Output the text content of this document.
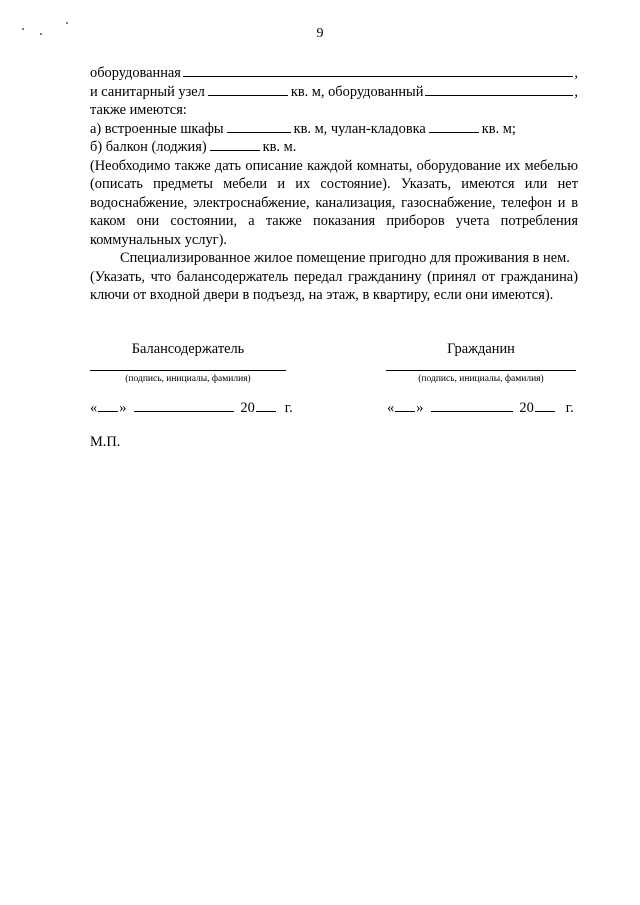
9
оборудованная	,
и санитарный узел	кв. м, оборудованный	,
также имеются:
а) встроенные шкафы	кв. м, чулан-кладовка	кв. м;
б) балкон (лоджия)	кв. м.
(Необходимо также дать описание каждой комнаты, оборудование их мебелью (описать предметы мебели и их состояние). Указать, имеются или нет водоснабжение, электроснабжение, канализация, газоснабжение, телефон и в каком они состоянии, а также показания приборов учета потребления коммунальных услуг).
Специализированное жилое помещение пригодно для проживания в нем.
(Указать, что балансодержатель передал гражданину (принял от гражданина) ключи от входной двери в подъезд, на этаж, в квартиру, если они имеются).
Балансодержатель
(подпись, инициалы, фамилия)
Гражданин
(подпись, инициалы, фамилия)
« »	20 г.	« »	20 г.
М.П.
